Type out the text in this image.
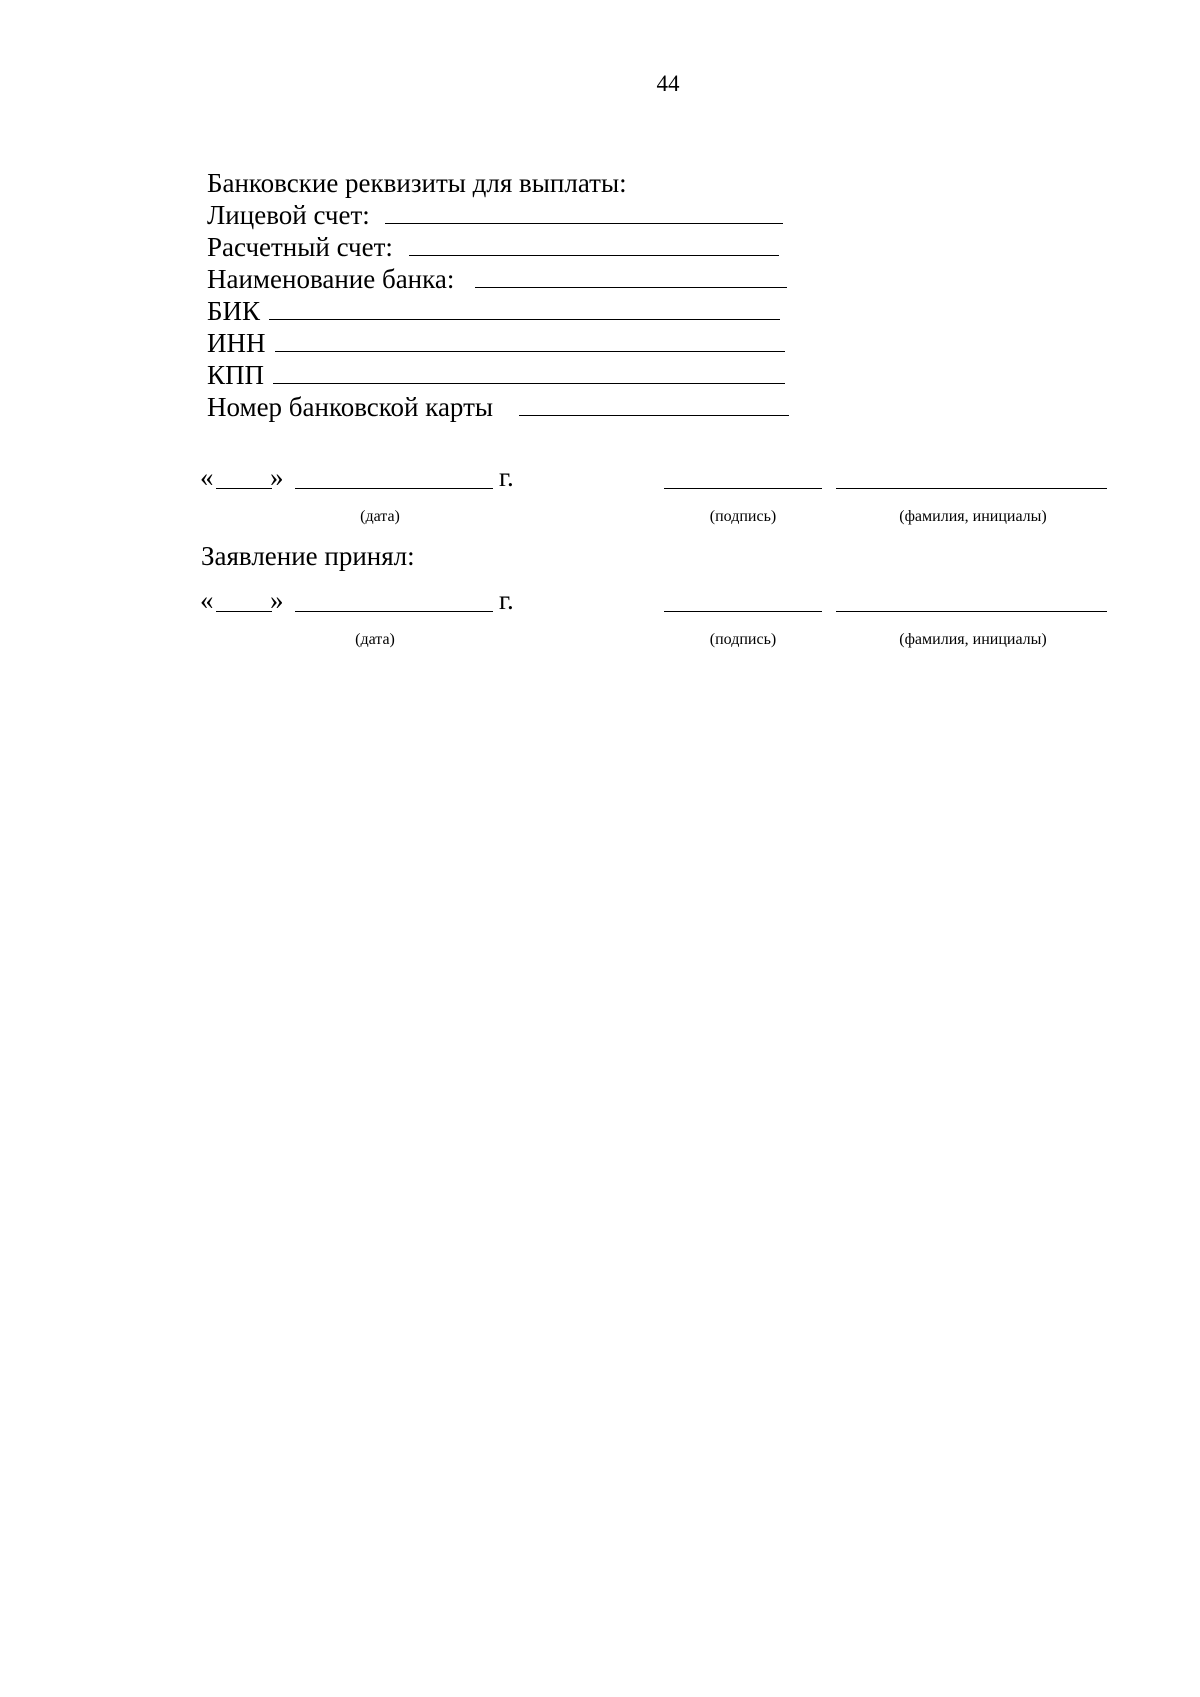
44
Банковские реквизиты для выплаты:
Лицевой счет:
Расчетный счет:
Наименование банка:
БИК
ИНН
КПП
Номер банковской карты
« »	г.
(дата)	(подпись)	(фамилия, инициалы)
Заявление принял:
« »	г.
(дата)	(подпись)	(фамилия, инициалы)
